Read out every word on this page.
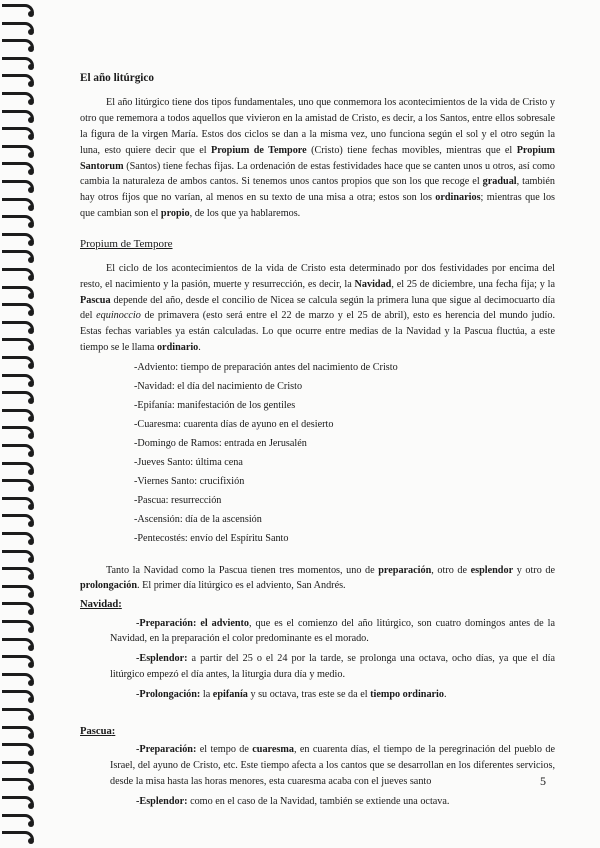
El año litúrgico

El año litúrgico tiene dos tipos fundamentales, uno que conmemora los acontecimientos de la vida de Cristo y otro que rememora a todos aquellos que vivieron en la amistad de Cristo, es decir, a los Santos, entre ellos sobresale la figura de la virgen María. Estos dos ciclos se dan a la misma vez, uno funciona según el sol y el otro según la luna, esto quiere decir que el Propium de Tempore (Cristo) tiene fechas movibles, mientras que el Propium Santorum (Santos) tiene fechas fijas. La ordenación de estas festividades hace que se canten unos u otros, así como cambia la naturaleza de ambos cantos. Si tenemos unos cantos propios que son los que recoge el gradual, también hay otros fijos que no varían, al menos en su texto de una misa a otra; estos son los ordinarios; mientras que los que cambian son el propio, de los que ya hablaremos.

Propium de Tempore

El ciclo de los acontecimientos de la vida de Cristo esta determinado por dos festividades por encima del resto, el nacimiento y la pasión, muerte y resurrección, es decir, la Navidad, el 25 de diciembre, una fecha fija; y la Pascua depende del año, desde el concilio de Nicea se calcula según la primera luna que sigue al decimocuarto día del equinoccio de primavera (esto será entre el 22 de marzo y el 25 de abril), esto es herencia del mundo judío. Estas fechas variables ya están calculadas. Lo que ocurre entre medias de la Navidad y la Pascua fluctúa, a este tiempo se le llama ordinario.

-Adviento: tiempo de preparación antes del nacimiento de Cristo
-Navidad: el día del nacimiento de Cristo
-Epifanía: manifestación de los gentiles
-Cuaresma: cuarenta días de ayuno en el desierto
-Domingo de Ramos: entrada en Jerusalén
-Jueves Santo: última cena
-Viernes Santo: crucifixión
-Pascua: resurrección
-Ascensión: día de la ascensión
-Pentecostés: envío del Espíritu Santo

Tanto la Navidad como la Pascua tienen tres momentos, uno de preparación, otro de esplendor y otro de prolongación. El primer día litúrgico es el adviento, San Andrés.

Navidad:
-Preparación: el adviento, que es el comienzo del año litúrgico, son cuatro domingos antes de la Navidad, en la preparación el color predominante es el morado.
-Esplendor: a partir del 25 o el 24 por la tarde, se prolonga una octava, ocho días, ya que el día litúrgico empezó el día antes, la liturgia dura día y medio.
-Prolongación: la epifanía y su octava, tras este se da el tiempo ordinario.
Pascua:
-Preparación: el tempo de cuaresma, en cuarenta días, el tiempo de la peregrinación del pueblo de Israel, del ayuno de Cristo, etc. Este tiempo afecta a los cantos que se desarrollan en los diferentes servicios, desde la misa hasta las horas menores, esta cuaresma acaba con el jueves santo
-Esplendor: como en el caso de la Navidad, también se extiende una octava.
5
